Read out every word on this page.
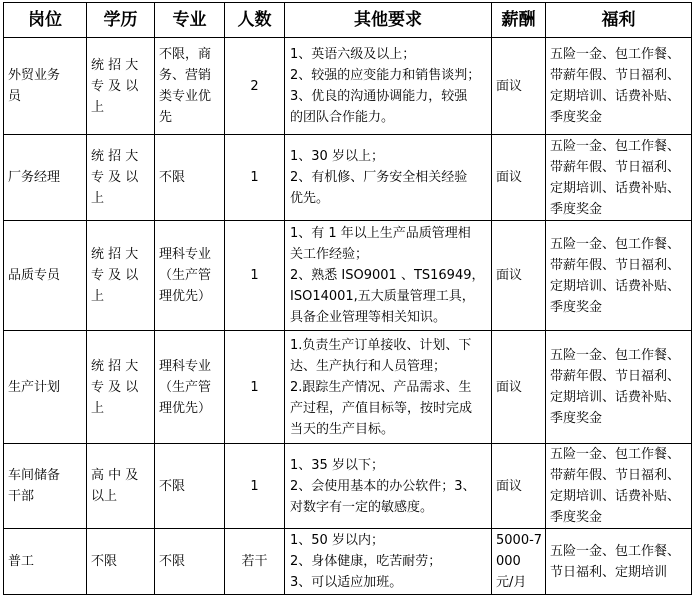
岗位	学历	专业	人数	其他要求	薪酬	福利

外贸业务
员	统 招 大
专 及 以
上	不限，商
务、营销
类专业优
先	2	1、英语六级及以上；
2、较强的应变能力和销售谈判；
3、优良的沟通协调能力，较强
的团队合作能力。	面议	五险一金、包工作餐、
带薪年假、节日福利、
定期培训、话费补贴、
季度奖金

厂务经理	统 招 大
专 及 以
上	不限	1	1、30 岁以上；
2、有机修、厂务安全相关经验
优先。	面议	五险一金、包工作餐、
带薪年假、节日福利、
定期培训、话费补贴、
季度奖金

品质专员	统 招 大
专 及 以
上	理科专业
（生产管
理优先）	1	1、有 1 年以上生产品质管理相
关工作经验；
2、熟悉 ISO9001 、TS16949，
ISO14001,五大质量管理工具，
具备企业管理等相关知识。	面议	五险一金、包工作餐、
带薪年假、节日福利、
定期培训、话费补贴、
季度奖金

生产计划	统 招 大
专 及 以
上	理科专业
（生产管
理优先）	1	1.负责生产订单接收、计划、下
达、生产执行和人员管理；
2.跟踪生产情况、产品需求、生
产过程，产值目标等，按时完成
当天的生产目标。	面议	五险一金、包工作餐、
带薪年假、节日福利、
定期培训、话费补贴、
季度奖金

车间储备
干部	高 中 及
以上	不限	1	1、35 岁以下；
2、会使用基本的办公软件；3、
对数字有一定的敏感度。	面议	五险一金、包工作餐、
带薪年假、节日福利、
定期培训、话费补贴、
季度奖金

普工	不限	不限	若干	1、50 岁以内；
2、身体健康，吃苦耐劳；
3、可以适应加班。	5000-7
000
元/月	五险一金、包工作餐、
节日福利、定期培训
